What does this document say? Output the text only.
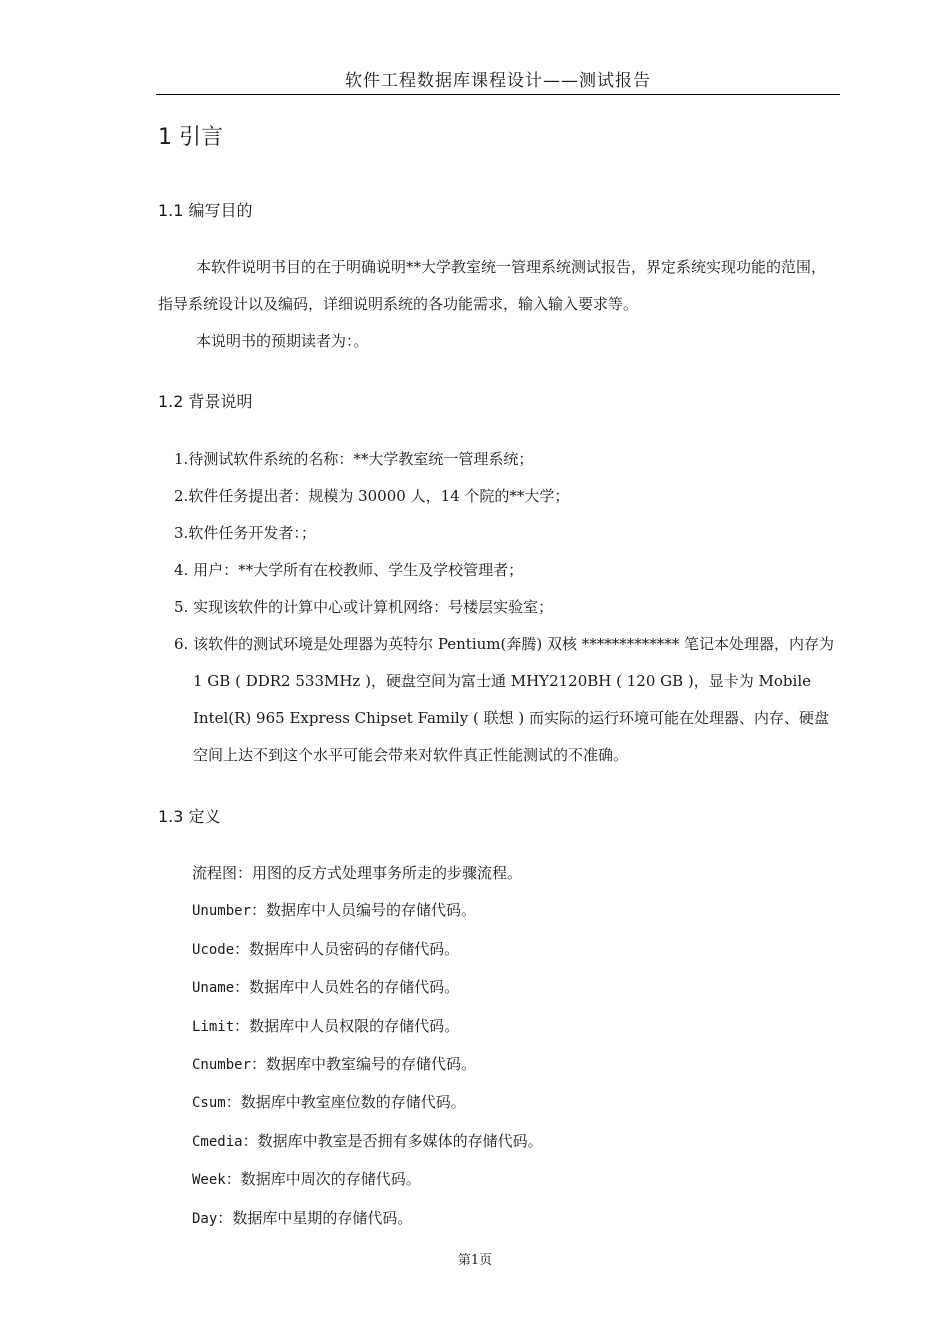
软件工程数据库课程设计——测试报告
1 引言
1.1 编写目的
本软件说明书目的在于明确说明**大学教室统一管理系统测试报告，界定系统实现功能的范围，指导系统设计以及编码，详细说明系统的各功能需求，输入输入要求等。
本说明书的预期读者为：。
1.2 背景说明
1.待测试软件系统的名称：**大学教室统一管理系统；
2.软件任务提出者：规模为 30000 人，14 个院的**大学；
3.软件任务开发者：；
4. 用户：**大学所有在校教师、学生及学校管理者；
5. 实现该软件的计算中心或计算机网络：号楼层实验室；
6. 该软件的测试环境是处理器为英特尔 Pentium(奔腾) 双核 ************* 笔记本处理器，内存为 1 GB ( DDR2 533MHz )，硬盘空间为富士通 MHY2120BH ( 120 GB )，显卡为 Mobile Intel(R) 965 Express Chipset Family ( 联想 ) 而实际的运行环境可能在处理器、内存、硬盘空间上达不到这个水平可能会带来对软件真正性能测试的不准确。
1.3 定义
流程图：用图的反方式处理事务所走的步骤流程。
Unumber：数据库中人员编号的存储代码。
Ucode：数据库中人员密码的存储代码。
Uname：数据库中人员姓名的存储代码。
Limit：数据库中人员权限的存储代码。
Cnumber：数据库中教室编号的存储代码。
Csum：数据库中教室座位数的存储代码。
Cmedia：数据库中教室是否拥有多媒体的存储代码。
Week：数据库中周次的存储代码。
Day：数据库中星期的存储代码。
第1页
